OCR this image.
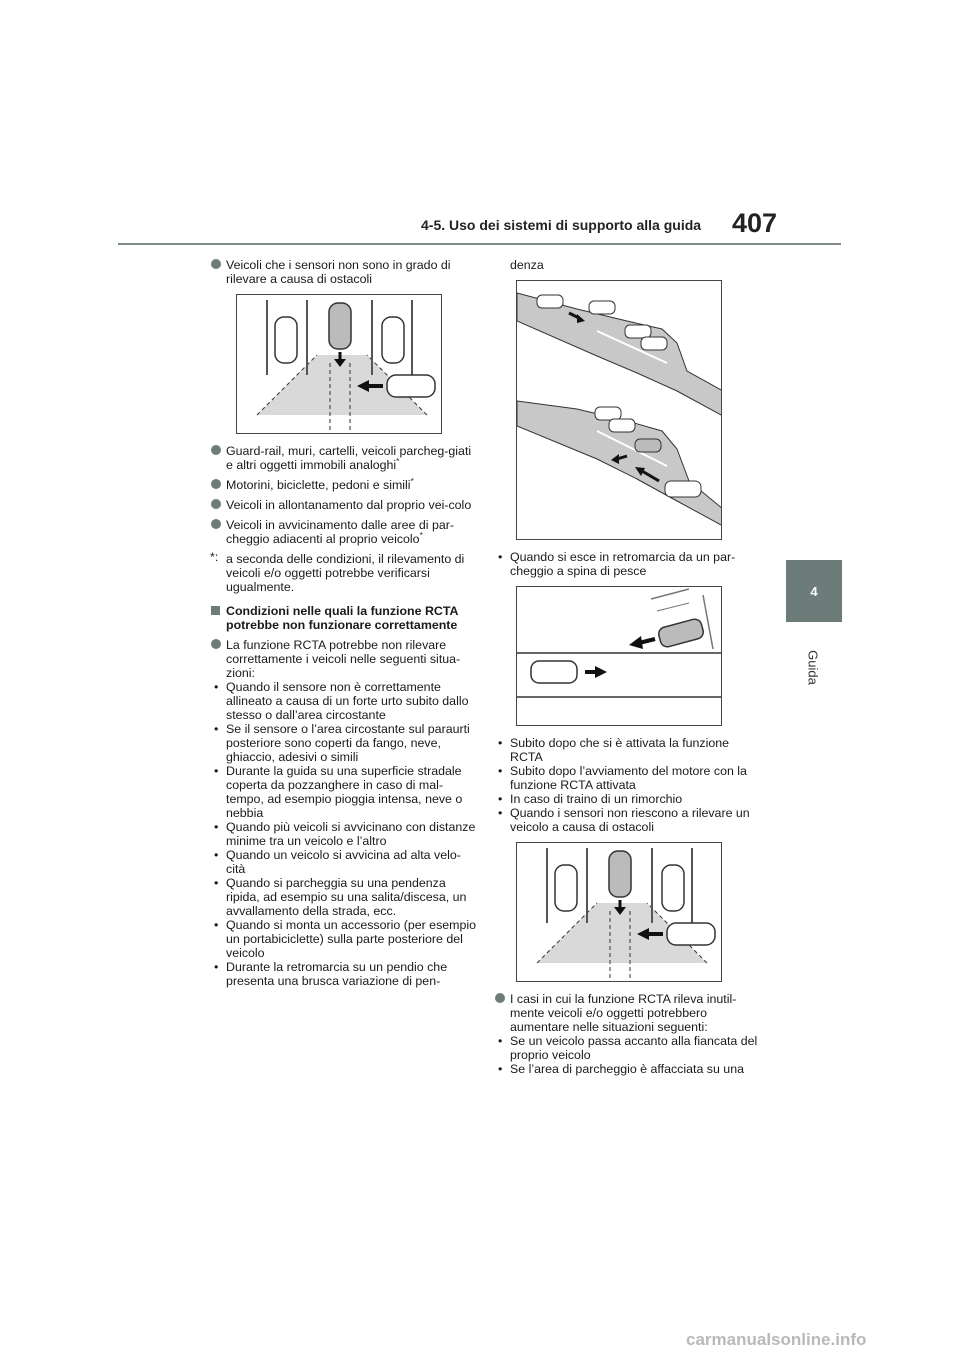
4-5. Uso dei sistemi di supporto alla guida 407
4
Guida
Veicoli che i sensori non sono in grado di rilevare a causa di ostacoli
Guard-rail, muri, cartelli, veicoli parcheg-giati e altri oggetti immobili analoghi*
Motorini, biciclette, pedoni e simili*
Veicoli in allontanamento dal proprio vei-colo
Veicoli in avvicinamento dalle aree di par-cheggio adiacenti al proprio veicolo*
*: a seconda delle condizioni, il rilevamento di veicoli e/o oggetti potrebbe verificarsi ugualmente.
Condizioni nelle quali la funzione RCTA potrebbe non funzionare correttamente
La funzione RCTA potrebbe non rilevare correttamente i veicoli nelle seguenti situa-zioni:

• Quando il sensore non è correttamente allineato a causa di un forte urto subito dallo stesso o dall’area circostante

• Se il sensore o l’area circostante sul paraurti posteriore sono coperti da fango, neve, ghiaccio, adesivi o simili

• Durante la guida su una superficie stradale coperta da pozzanghere in caso di mal-tempo, ad esempio pioggia intensa, neve o nebbia

• Quando più veicoli si avvicinano con distanze minime tra un veicolo e l’altro

• Quando un veicolo si avvicina ad alta velo-cità

• Quando si parcheggia su una pendenza ripida, ad esempio su una salita/discesa, un avvallamento della strada, ecc.

• Quando si monta un accessorio (per esempio un portabiciclette) sulla parte posteriore del veicolo

• Durante la retromarcia su un pendio che presenta una brusca variazione di pen-

denza

• Quando si esce in retromarcia da un par-cheggio a spina di pesce

• Subito dopo che si è attivata la funzione RCTA

• Subito dopo l’avviamento del motore con la funzione RCTA attivata

• In caso di traino di un rimorchio

• Quando i sensori non riescono a rilevare un veicolo a causa di ostacoli

I casi in cui la funzione RCTA rileva inutil-mente veicoli e/o oggetti potrebbero aumentare nelle situazioni seguenti:

• Se un veicolo passa accanto alla fiancata del proprio veicolo

• Se l’area di parcheggio è affacciata su una

carmanualsonline.info
